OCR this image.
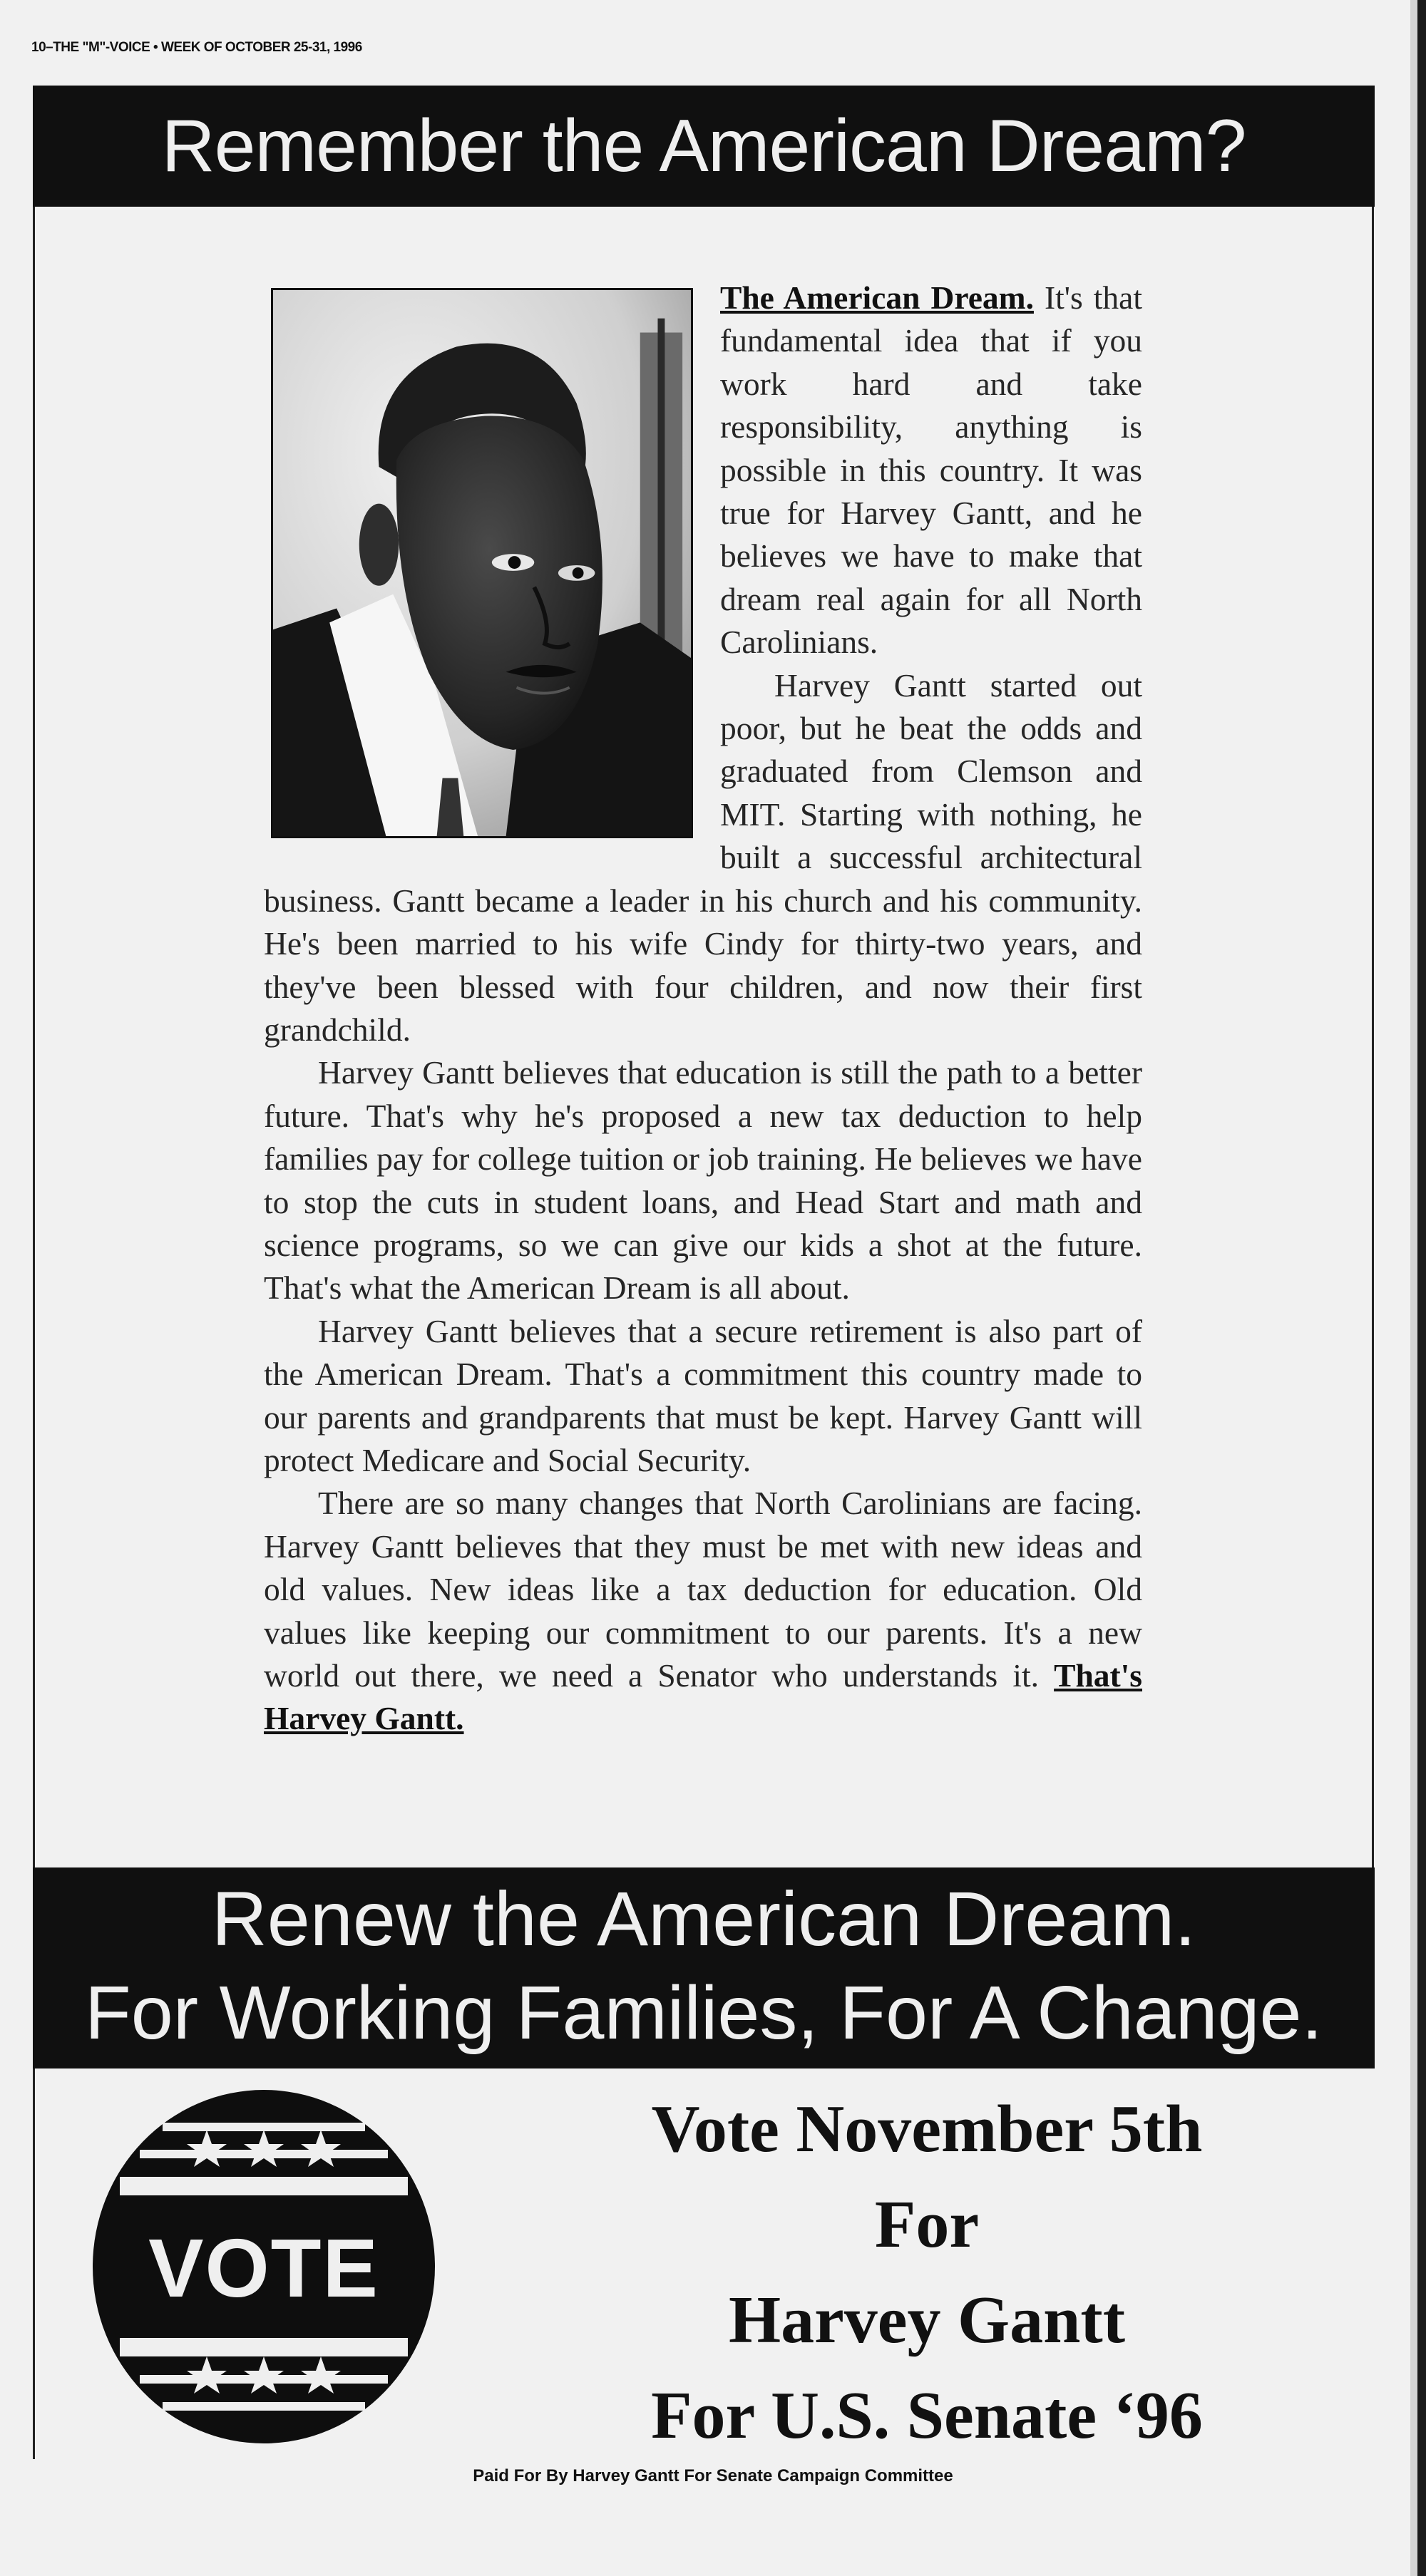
10–THE "M"-VOICE • WEEK OF OCTOBER 25-31, 1996
Remember the American Dream?

The American Dream. It's that fundamental idea that if you work hard and take responsibility, anything is possible in this country. It was true for Harvey Gantt, and he believes we have to make that dream real again for all North Carolinians.

Harvey Gantt started out poor, but he beat the odds and graduated from Clemson and MIT. Starting with nothing, he built a successful architectural business. Gantt became a leader in his church and his community. He's been married to his wife Cindy for thirty-two years, and they've been blessed with four children, and now their first grandchild.

Harvey Gantt believes that education is still the path to a better future. That's why he's proposed a new tax deduction to help families pay for college tuition or job training. He believes we have to stop the cuts in student loans, and Head Start and math and science programs, so we can give our kids a shot at the future. That's what the American Dream is all about.

Harvey Gantt believes that a secure retirement is also part of the American Dream. That's a commitment this country made to our parents and grandparents that must be kept. Harvey Gantt will protect Medicare and Social Security.

There are so many changes that North Carolinians are facing. Harvey Gantt believes that they must be met with new ideas and old values. New ideas like a tax deduction for education. Old values like keeping our commitment to our parents. It's a new world out there, we need a Senator who understands it. That's Harvey Gantt.

Renew the American Dream.
For Working Families, For A Change.
VOTE
Vote November 5th
For
Harvey Gantt
For U.S. Senate ‘96
Paid For By Harvey Gantt For Senate Campaign Committee
